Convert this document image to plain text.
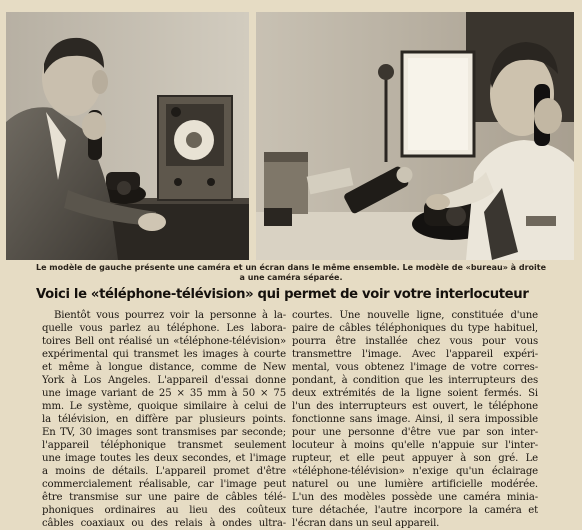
Le modèle de gauche présente une caméra et un écran dans le même ensemble. Le modèle de «bureau» à droite
a une caméra séparée.
Voici le «téléphone-télévision» qui permet de voir votre interlocuteur
Bientôt vous pourrez voir la personne à la-
quelle vous parlez au téléphone. Les labora-
toires Bell ont réalisé un «téléphone-télévision»
expérimental qui transmet les images à courte
et même à longue distance, comme de New
York à Los Angeles. L'appareil d'essai donne
une image variant de 25 × 35 mm à 50 × 75
mm. Le système, quoique similaire à celui de
la télévision, en diffère par plusieurs points.
En TV, 30 images sont transmises par seconde;
l'appareil téléphonique transmet seulement
une image toutes les deux secondes, et l'image
a moins de détails. L'appareil promet d'être
commercialement réalisable, car l'image peut
être transmise sur une paire de câbles télé-
phoniques ordinaires au lieu des coûteux
câbles coaxiaux ou des relais à ondes ultra-
courtes. Une nouvelle ligne, constituée d'une
paire de câbles téléphoniques du type habituel,
pourra être installée chez vous pour vous
transmettre l'image. Avec l'appareil expéri-
mental, vous obtenez l'image de votre corres-
pondant, à condition que les interrupteurs des
deux extrémités de la ligne soient fermés. Si
l'un des interrupteurs est ouvert, le téléphone
fonctionne sans image. Ainsi, il sera impossible
pour une personne d'être vue par son inter-
locuteur à moins qu'elle n'appuie sur l'inter-
rupteur, et elle peut appuyer à son gré. Le
«téléphone-télévision» n'exige qu'un éclairage
naturel ou une lumière artificielle modérée.
L'un des modèles possède une caméra minia-
ture détachée, l'autre incorpore la caméra et
l'écran dans un seul appareil.
